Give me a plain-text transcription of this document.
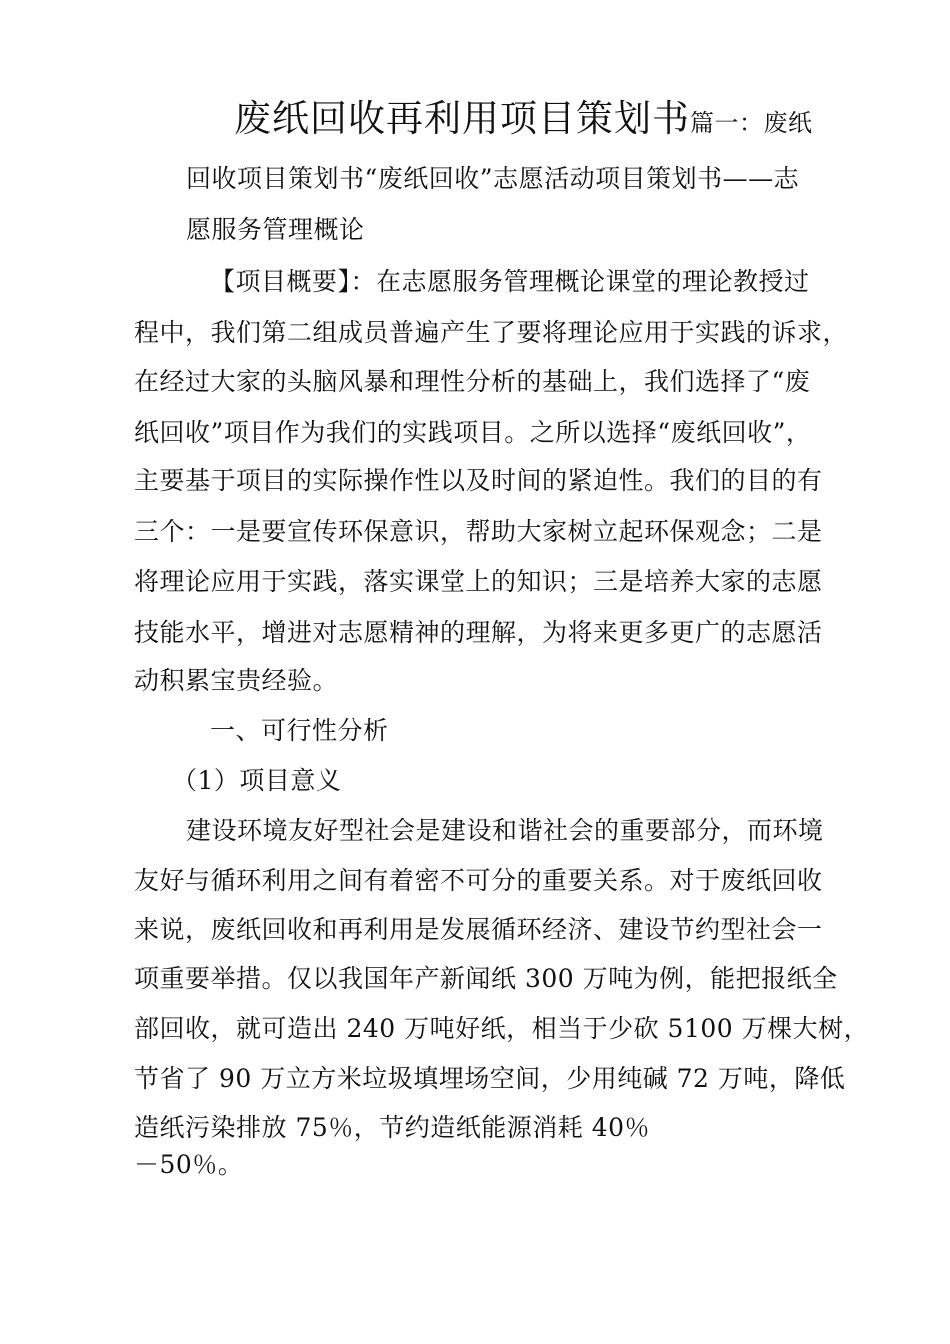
废纸回收再利用项目策划书篇一：废纸
回收项目策划书“废纸回收”志愿活动项目策划书——志
愿服务管理概论
【项目概要】：在志愿服务管理概论课堂的理论教授过
程中，我们第二组成员普遍产生了要将理论应用于实践的诉求，
在经过大家的头脑风暴和理性分析的基础上，我们选择了“废
纸回收”项目作为我们的实践项目。之所以选择“废纸回收”，
主要基于项目的实际操作性以及时间的紧迫性。我们的目的有
三个：一是要宣传环保意识，帮助大家树立起环保观念；二是
将理论应用于实践，落实课堂上的知识；三是培养大家的志愿
技能水平，增进对志愿精神的理解，为将来更多更广的志愿活
动积累宝贵经验。
一、可行性分析
（1）项目意义
建设环境友好型社会是建设和谐社会的重要部分，而环境
友好与循环利用之间有着密不可分的重要关系。对于废纸回收
来说，废纸回收和再利用是发展循环经济、建设节约型社会一
项重要举措。仅以我国年产新闻纸 300 万吨为例，能把报纸全
部回收，就可造出 240 万吨好纸，相当于少砍 5100 万棵大树，
节省了 90 万立方米垃圾填埋场空间，少用纯碱 72 万吨，降低
造纸污染排放 75％，节约造纸能源消耗 40％
－50％。
